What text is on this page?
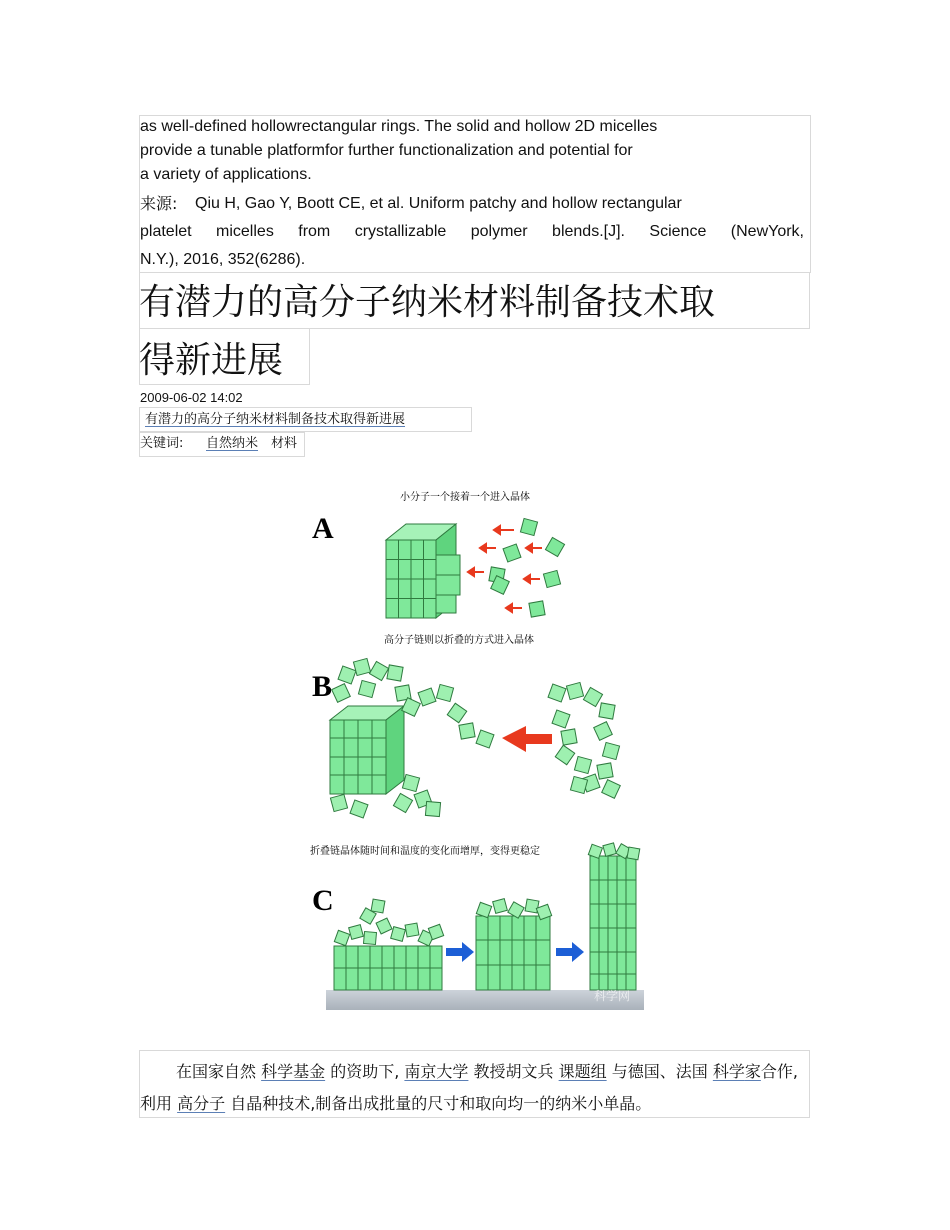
as well-defined hollowrectangular rings. The solid and hollow 2D micelles
provide a tunable platformfor further functionalization and potential for
a variety of applications.
来源: Qiu H, Gao Y, Boott CE, et al. Uniform patchy and hollow rectangular
platelet micelles from crystallizable polymer blends.[J]. Science (NewYork,
N.Y.), 2016, 352(6286).
有潜力的高分子纳米材料制备技术取
得新进展
2009-06-02 14:02
有潜力的高分子纳米材料制备技术取得新进展
关键词: 自然纳米 材料
小分子一个接着一个进入晶体
高分子链则以折叠的方式进入晶体
折叠链晶体随时间和温度的变化而增厚，变得更稳定
A
B
C
科学网
在国家自然 科学基金 的资助下, 南京大学 教授胡文兵 课题组 与德国、法国 科学家合作,利用 高分子 自晶种技术,制备出成批量的尺寸和取向均一的纳米小单晶。
